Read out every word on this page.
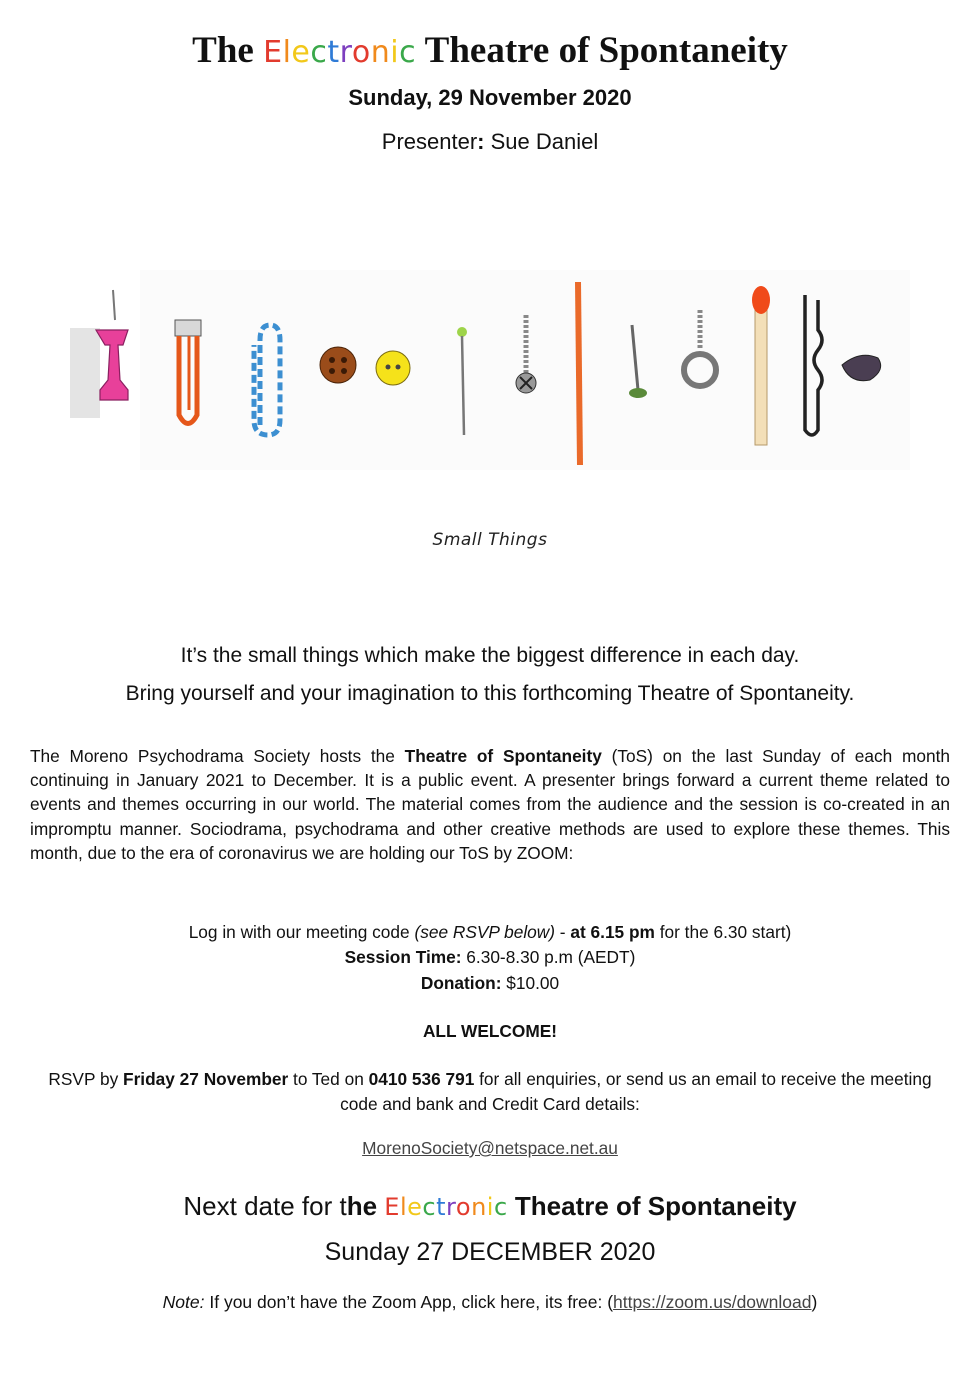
The Electronic Theatre of Spontaneity
Sunday, 29 November 2020
Presenter: Sue Daniel
Small Things
It’s the small things which make the biggest difference in each day.
Bring yourself and your imagination to this forthcoming Theatre of Spontaneity.
The Moreno Psychodrama Society hosts the Theatre of Spontaneity (ToS) on the last Sunday of each month continuing in January 2021 to December. It is a public event. A presenter brings forward a current theme related to events and themes occurring in our world. The material comes from the audience and the session is co-created in an impromptu manner. Sociodrama, psychodrama and other creative methods are used to explore these themes. This month, due to the era of coronavirus we are holding our ToS by ZOOM:
Log in with our meeting code (see RSVP below) - at 6.15 pm for the 6.30 start)
Session Time: 6.30-8.30 p.m (AEDT)
Donation: $10.00
ALL WELCOME!
RSVP by Friday 27 November to Ted on 0410 536 791 for all enquiries, or send us an email to receive the meeting code and bank and Credit Card details:
MorenoSociety@netspace.net.au
Next date for the Electronic Theatre of Spontaneity
Sunday 27 DECEMBER 2020
Note: If you don’t have the Zoom App, click here, its free: (https://zoom.us/download)
